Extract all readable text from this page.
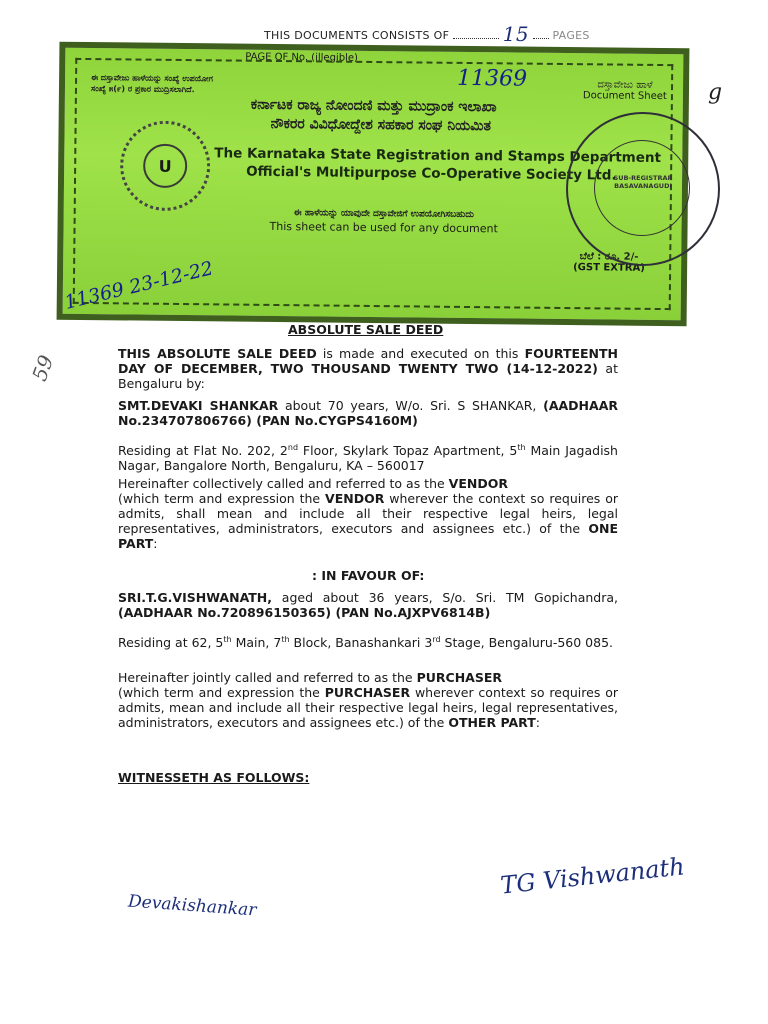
THIS DOCUMENTS CONSISTS OF	15 PAGES
PAGE OF No. (illegible)
ಈ ದಸ್ತಾವೇಜು ಹಾಳೆಯನ್ನು ಸಂಖ್ಯೆ ಉಪಯೋಗ
ಸಂಖ್ಯೆ ೫(೯) ರ ಪ್ರಕಾರ ಮುದ್ರಿಸಲಾಗಿದೆ.	11369	ದಸ್ತಾವೇಜು ಹಾಳೆ
Document Sheet
ಕರ್ನಾಟಕ ರಾಜ್ಯ ನೋಂದಣಿ ಮತ್ತು ಮುದ್ರಾಂಕ ಇಲಾಖಾ
ನೌಕರರ ವಿವಿಧೋದ್ದೇಶ ಸಹಕಾರ ಸಂಘ ನಿಯಮಿತ
The Karnataka State Registration and Stamps Department
Official's Multipurpose Co-Operative Society Ltd.
U
ಈ ಹಾಳೆಯನ್ನು ಯಾವುದೇ ದಸ್ತಾವೇಜಿಗೆ ಉಪಯೋಗಿಸಬಹುದು
This sheet can be used for any document
ಬೆಲೆ : ರೂ. 2/-
(GST EXTRA)
11369 23-12-22
SUB-REGISTRAR BASAVANAGUDI
g
59
ABSOLUTE SALE DEED
THIS ABSOLUTE SALE DEED is made and executed on this FOURTEENTH DAY OF DECEMBER, TWO THOUSAND TWENTY TWO (14-12-2022) at Bengaluru by:
SMT.DEVAKI SHANKAR about 70 years, W/o. Sri. S SHANKAR, (AADHAAR No.234707806766) (PAN No.CYGPS4160M)
Residing at Flat No. 202, 2nd Floor, Skylark Topaz Apartment, 5th Main Jagadish Nagar, Bangalore North, Bengaluru, KA – 560017
Hereinafter collectively called and referred to as the VENDOR
(which term and expression the VENDOR wherever the context so requires or admits, shall mean and include all their respective legal heirs, legal representatives, administrators, executors and assignees etc.) of the ONE PART:
: IN FAVOUR OF:
SRI.T.G.VISHWANATH, aged about 36 years, S/o. Sri. TM Gopichandra, (AADHAAR No.720896150365) (PAN No.AJXPV6814B)
Residing at 62, 5th Main, 7th Block, Banashankari 3rd Stage, Bengaluru-560 085.
Hereinafter jointly called and referred to as the PURCHASER
(which term and expression the PURCHASER wherever context so requires or admits, mean and include all their respective legal heirs, legal representatives, administrators, executors and assignees etc.) of the OTHER PART:
WITNESSETH AS FOLLOWS:
Devakishankar
TG Vishwanath
